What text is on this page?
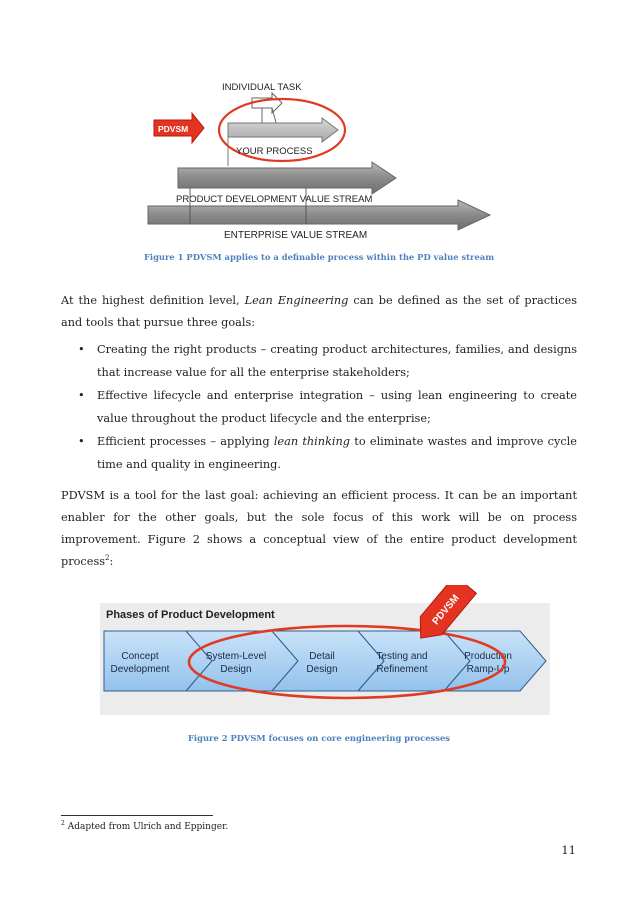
INDIVIDUAL TASK
PDVSM
YOUR PROCESS
PRODUCT DEVELOPMENT VALUE STREAM
ENTERPRISE VALUE STREAM
Figure 1 PDVSM applies to a definable process within the PD value stream
At the highest definition level, Lean Engineering can be defined as the set of practices and tools that pursue three goals:
• Creating the right products – creating product architectures, families, and designs that increase value for all the enterprise stakeholders;
• Effective lifecycle and enterprise integration – using lean engineering to create value throughout the product lifecycle and the enterprise;
• Efficient processes – applying lean thinking to eliminate wastes and improve cycle time and quality in engineering.
PDVSM is a tool for the last goal: achieving an efficient process. It can be an important enabler for the other goals, but the sole focus of this work will be on process improvement. Figure 2 shows a conceptual view of the entire product development process$^2$:
Phases of Product Development
Concept
Development
System-Level
Design
Detail
Design
Testing and
Refinement
Production
Ramp-Up
PDVSM
Figure 2 PDVSM focuses on core engineering processes
$^2$ Adapted from Ulrich and Eppinger.
11
